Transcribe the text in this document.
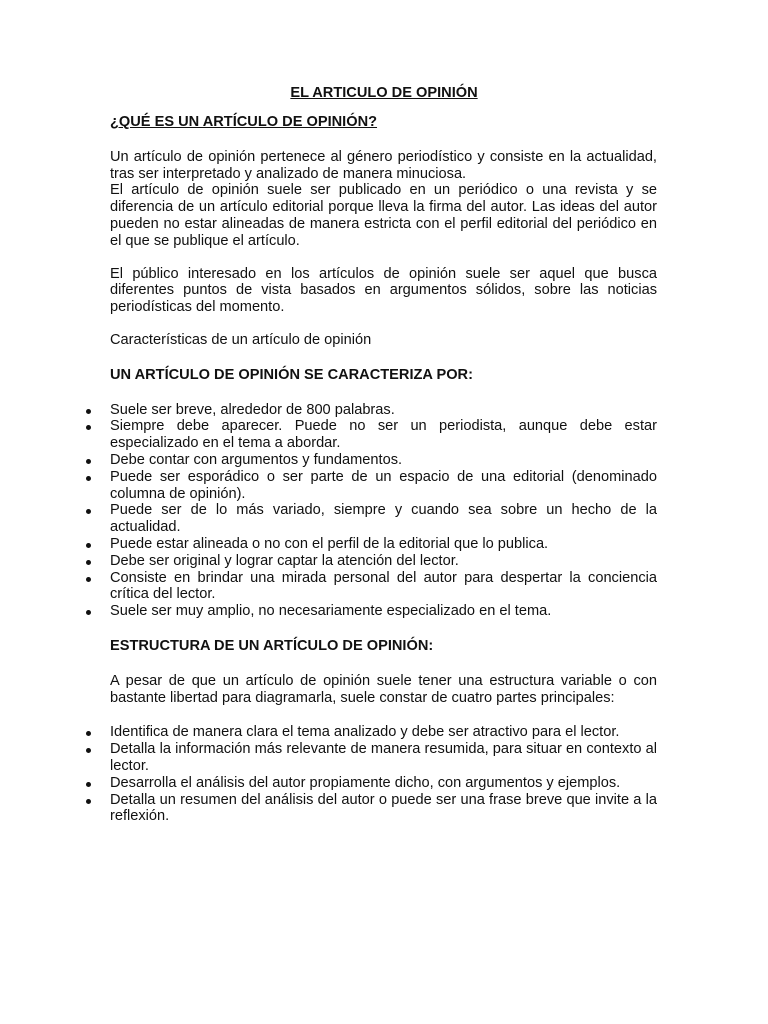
EL ARTICULO DE OPINIÓN
¿QUÉ ES UN ARTÍCULO DE OPINIÓN?

Un artículo de opinión pertenece al género periodístico y consiste en la actualidad, tras ser interpretado y analizado de manera minuciosa.

El artículo de opinión suele ser publicado en un periódico o una revista y se diferencia de un artículo editorial porque lleva la firma del autor. Las ideas del autor pueden no estar alineadas de manera estricta con el perfil editorial del periódico en el que se publique el artículo.

El público interesado en los artículos de opinión suele ser aquel que busca diferentes puntos de vista basados en argumentos sólidos, sobre las noticias periodísticas del momento.

Características de un artículo de opinión

UN ARTÍCULO DE OPINIÓN SE CARACTERIZA POR:
Suele ser breve, alrededor de 800 palabras.
Siempre debe aparecer. Puede no ser un periodista, aunque debe estar especializado en el tema a abordar.
Debe contar con argumentos y fundamentos.
Puede ser esporádico o ser parte de un espacio de una editorial (denominado columna de opinión).
Puede ser de lo más variado, siempre y cuando sea sobre un hecho de la actualidad.
Puede estar alineada o no con el perfil de la editorial que lo publica.
Debe ser original y lograr captar la atención del lector.
Consiste en brindar una mirada personal del autor para despertar la conciencia crítica del lector.
Suele ser muy amplio, no necesariamente especializado en el tema.
ESTRUCTURA DE UN ARTÍCULO DE OPINIÓN:

A pesar de que un artículo de opinión suele tener una estructura variable o con bastante libertad para diagramarla, suele constar de cuatro partes principales:

Identifica de manera clara el tema analizado y debe ser atractivo para el lector.
Detalla la información más relevante de manera resumida, para situar en contexto al lector.
Desarrolla el análisis del autor propiamente dicho, con argumentos y ejemplos.
Detalla un resumen del análisis del autor o puede ser una frase breve que invite a la reflexión.
